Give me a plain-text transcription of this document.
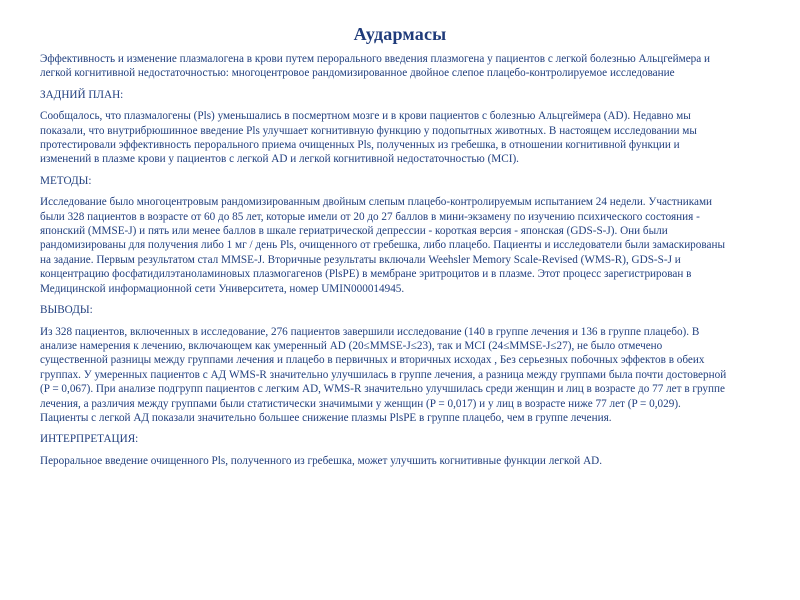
Аудармасы

Эффективность и изменение плазмалогена в крови путем перорального введения плазмогена у пациентов с легкой болезнью Альцгеймера и легкой когнитивной недостаточностью: многоцентровое рандомизированное двойное слепое плацебо-контролируемое исследование

ЗАДНИЙ ПЛАН:

Сообщалось, что плазмалогены (Pls) уменьшались в посмертном мозге и в крови пациентов с болезнью Альцгеймера (AD). Недавно мы показали, что внутрибрюшинное введение Pls улучшает когнитивную функцию у подопытных животных. В настоящем исследовании мы протестировали эффективность перорального приема очищенных Pls, полученных из гребешка, в отношении когнитивной функции и изменений в плазме крови у пациентов с легкой AD и легкой когнитивной недостаточностью (MCI).

МЕТОДЫ:

Исследование было многоцентровым рандомизированным двойным слепым плацебо-контролируемым испытанием 24 недели. Участниками были 328 пациентов в возрасте от 60 до 85 лет, которые имели от 20 до 27 баллов в мини-экзамену по изучению психического состояния - японский (MMSE-J) и пять или менее баллов в шкале гериатрической депрессии - короткая версия - японская (GDS-S-J). Они были рандомизированы для получения либо 1 мг / день Pls, очищенного от гребешка, либо плацебо. Пациенты и исследователи были замаскированы на задание. Первым результатом стал MMSE-J. Вторичные результаты включали Weehsler Memory Scale-Revised (WMS-R), GDS-S-J и концентрацию фосфатидилэтаноламиновых плазмогагенов (PlsPE) в мембране эритроцитов и в плазме. Этот процесс зарегистрирован в Медицинской информационной сети Университета, номер UMIN000014945.

ВЫВОДЫ:

Из 328 пациентов, включенных в исследование, 276 пациентов завершили исследование (140 в группе лечения и 136 в группе плацебо). В анализе намерения к лечению, включающем как умеренный AD (20≤MMSE-J≤23), так и MCI (24≤MMSE-J≤27), не было отмечено существенной разницы между группами лечения и плацебо в первичных и вторичных исходах , Без серьезных побочных эффектов в обеих группах. У умеренных пациентов с АД WMS-R значительно улучшилась в группе лечения, а разница между группами была почти достоверной (P = 0,067). При анализе подгрупп пациентов с легким AD, WMS-R значительно улучшилась среди женщин и лиц в возрасте до 77 лет в группе лечения, а различия между группами были статистически значимыми у женщин (P = 0,017) и у лиц в возрасте ниже 77 лет (P = 0,029). Пациенты с легкой АД показали значительно большее снижение плазмы PlsPE в группе плацебо, чем в группе лечения.

ИНТЕРПРЕТАЦИЯ:

Пероральное введение очищенного Pls, полученного из гребешка, может улучшить когнитивные функции легкой AD.
